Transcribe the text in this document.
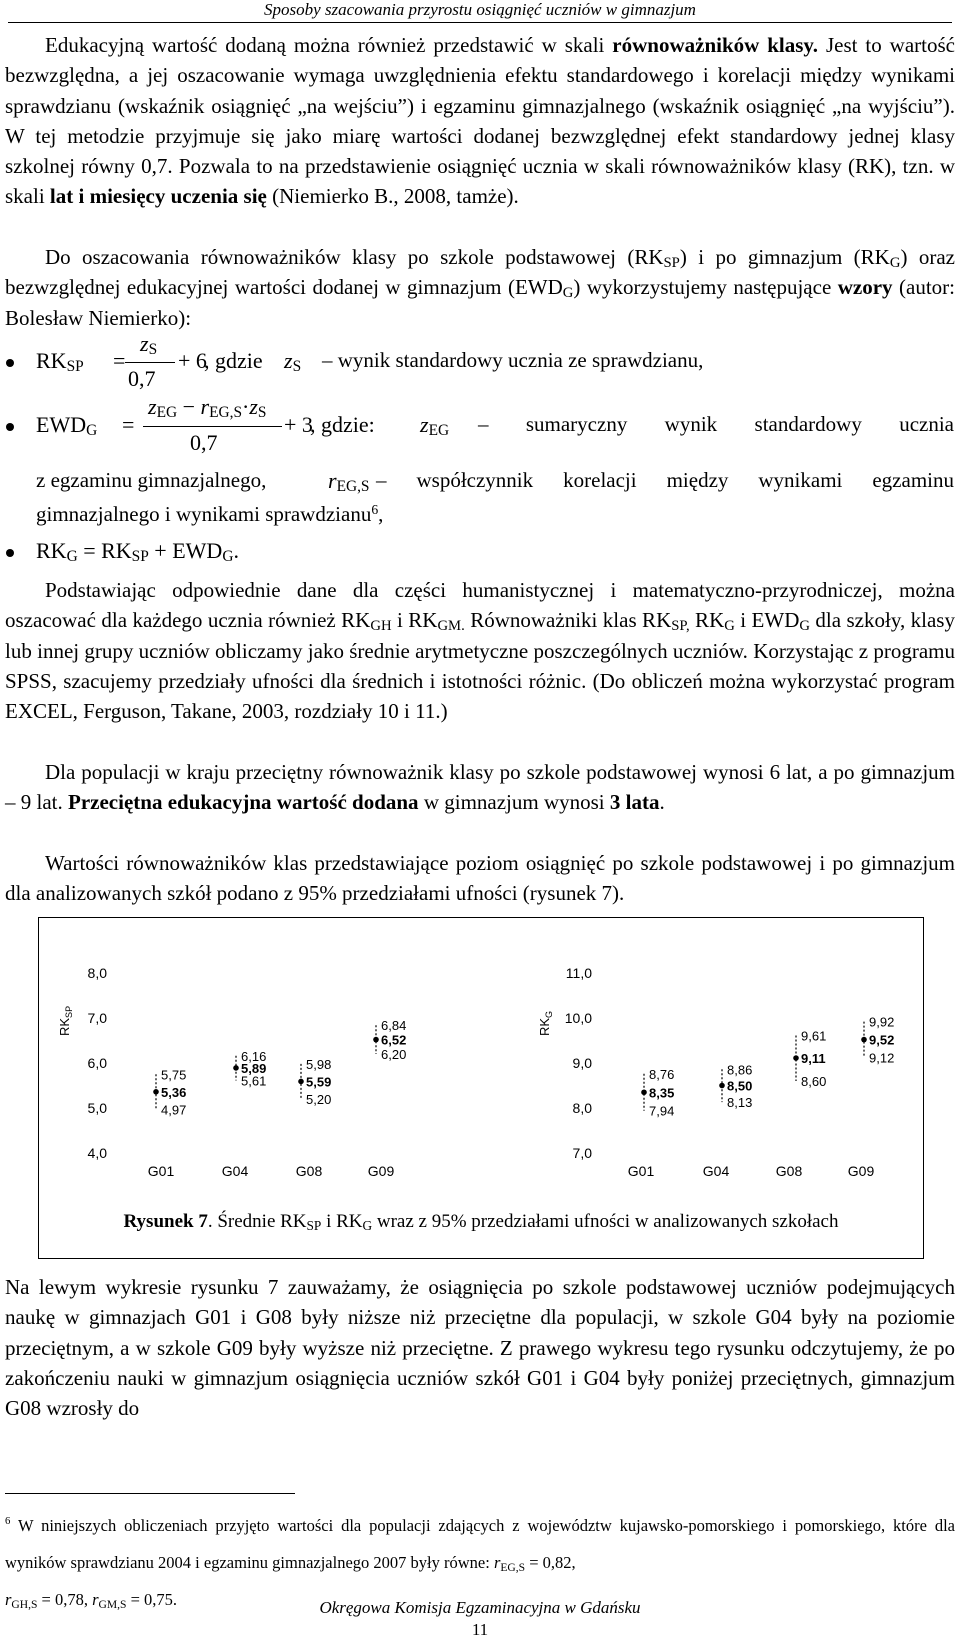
Sposoby szacowania przyrostu osiągnięć uczniów w gimnazjum

Edukacyjną wartość dodaną można również przedstawić w skali równoważników klasy. Jest to wartość bezwzględna, a jej oszacowanie wymaga uwzględnienia efektu standardowego i korelacji między wynikami sprawdzianu (wskaźnik osiągnięć „na wejściu”) i egzaminu gimnazjalnego (wskaźnik osiągnięć „na wyjściu”). W tej metodzie przyjmuje się jako miarę wartości dodanej bezwzględnej efekt standardowy jednej klasy szkolnej równy 0,7. Pozwala to na przedstawienie osiągnięć ucznia w skali równoważników klasy (RK), tzn. w skali lat i miesięcy uczenia się (Niemierko B., 2008, tamże).

Do oszacowania równoważników klasy po szkole podstawowej $(RK_{SP})$ i po gimnazjum $(RK_G)$ oraz bezwzględnej edukacyjnej wartości dodanej w gimnazjum $(EWD_G)$ wykorzystujemy następujące wzory (autor: Bolesław Niemierko):

$RK_{SP}$ =
$z_S$
0,7
+ 6
, gdzie $z_S$ – wynik standardowy ucznia ze sprawdzianu,
$EWD_G$ =
$z_{EG} - r_{EG,S}\cdot z_S$
0,7
+ 3
, gdzie: $z_{EG}$ – sumaryczny wynik standardowy ucznia
z egzaminu gimnazjalnego,	$r_{EG,S}$ – współczynnik korelacji między wynikami egzaminu
gimnazjalnego i wynikami sprawdzianu$^6$,
$RK_G = RK_{SP} + EWD_G$.

Podstawiając odpowiednie dane dla części humanistycznej i matematyczno-przyrodniczej, można oszacować dla każdego ucznia również $RK_{GH}$ i $RK_{GM.}$ Równoważniki klas $RK_{SP,}$ $RK_G$ i $EWD_G$ dla szkoły, klasy lub innej grupy uczniów obliczamy jako średnie arytmetyczne poszczególnych uczniów. Korzystając z programu SPSS, szacujemy przedziały ufności dla średnich i istotności różnic. (Do obliczeń można wykorzystać program EXCEL, Ferguson, Takane, 2003, rozdziały 10 i 11.)

Dla populacji w kraju przeciętny równoważnik klasy po szkole podstawowej wynosi 6 lat, a po gimnazjum – 9 lat. Przeciętna edukacyjna wartość dodana w gimnazjum wynosi 3 lata.

Wartości równoważników klas przedstawiające poziom osiągnięć po szkole podstawowej i po gimnazjum dla analizowanych szkół podano z 95% przedziałami ufności (rysunek 7).

8,0
7,0
6,0
5,0
4,0
$RK_{SP}$
G01	G04	G08	G09
5,75
5,36
4,97
6,16
5,89
5,61
5,98
5,59
5,20
6,84
6,52
6,20
11,0
10,0
9,0
8,0
7,0
$RK_G$
G01	G04	G08	G09
8,76
8,35
7,94
8,86
8,50
8,13
9,61
9,11
8,60
9,92
9,52
9,12
Rysunek 7. Średnie $RK_{SP}$ i $RK_G$ wraz z 95% przedziałami ufności w analizowanych szkołach

Na lewym wykresie rysunku 7 zauważamy, że osiągnięcia po szkole podstawowej uczniów podejmujących naukę w gimnazjach G01 i G08 były niższe niż przeciętne dla populacji, w szkole G04 były na poziomie przeciętnym, a w szkole G09 były wyższe niż przeciętne. Z prawego wykresu tego rysunku odczytujemy, że po zakończeniu nauki w gimnazjum osiągnięcia uczniów szkół G01 i G04 były poniżej przeciętnych, gimnazjum G08 wzrosły do

$^6$ W niniejszych obliczeniach przyjęto wartości dla populacji zdających z województw kujawsko-pomorskiego i pomorskiego, które dla wyników sprawdzianu 2004 i egzaminu gimnazjalnego 2007 były równe: $r_{EG,S} = 0,82$,
$r_{GH,S} = 0,78$, $r_{GM,S} = 0,75$.	Okręgowa Komisja Egzaminacyjna w Gdańsku
11
